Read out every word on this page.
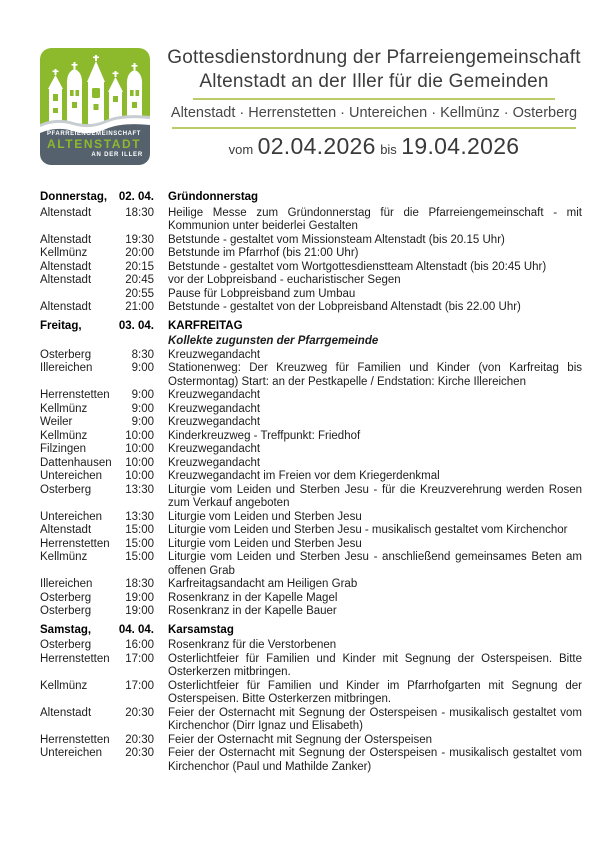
PFARREIENGEMEINSCHAFT
ALTENSTADT
AN DER ILLER
Gottesdienstordnung der Pfarreiengemeinschaft
Altenstadt an der Iller für die Gemeinden
Altenstadt · Herrenstetten · Untereichen · Kellmünz · Osterberg
vom 02.04.2026 bis 19.04.2026
Donnerstag,	02. 04. Gründonnerstag
Altenstadt	18:30 Heilige Messe zum Gründonnerstag für die Pfarreiengemeinschaft - mit Kommunion unter beiderlei Gestalten
Altenstadt	19:30 Betstunde - gestaltet vom Missionsteam Altenstadt (bis 20.15 Uhr)
Kellmünz	20:00 Betstunde im Pfarrhof (bis 21:00 Uhr)
Altenstadt	20:15 Betstunde - gestaltet vom Wortgottesdienstteam Altenstadt (bis 20:45 Uhr)
Altenstadt	20:45 vor der Lobpreisband - eucharistischer Segen
20:55 Pause für Lobpreisband zum Umbau
Altenstadt	21:00 Betstunde - gestaltet von der Lobpreisband Altenstadt (bis 22.00 Uhr)
Freitag,	03. 04. KARFREITAG
Kollekte zugunsten der Pfarrgemeinde
Osterberg	8:30 Kreuzwegandacht
Illereichen	9:00 Stationenweg: Der Kreuzweg für Familien und Kinder (von Karfreitag bis Ostermontag) Start: an der Pestkapelle / Endstation: Kirche Illereichen
Herrenstetten	9:00 Kreuzwegandacht
Kellmünz	9:00 Kreuzwegandacht
Weiler	9:00 Kreuzwegandacht
Kellmünz	10:00 Kinderkreuzweg - Treffpunkt: Friedhof
Filzingen	10:00 Kreuzwegandacht
Dattenhausen	10:00 Kreuzwegandacht
Untereichen	10:00 Kreuzwegandacht im Freien vor dem Kriegerdenkmal
Osterberg	13:30 Liturgie vom Leiden und Sterben Jesu - für die Kreuzverehrung werden Rosen zum Verkauf angeboten
Untereichen	13:30 Liturgie vom Leiden und Sterben Jesu
Altenstadt	15:00 Liturgie vom Leiden und Sterben Jesu - musikalisch gestaltet vom Kirchenchor
Herrenstetten	15:00 Liturgie vom Leiden und Sterben Jesu
Kellmünz	15:00 Liturgie vom Leiden und Sterben Jesu - anschließend gemeinsames Beten am offenen Grab
Illereichen	18:30 Karfreitagsandacht am Heiligen Grab
Osterberg	19:00 Rosenkranz in der Kapelle Magel
Osterberg	19:00 Rosenkranz in der Kapelle Bauer
Samstag,	04. 04. Karsamstag
Osterberg	16:00 Rosenkranz für die Verstorbenen
Herrenstetten	17:00 Osterlichtfeier für Familien und Kinder mit Segnung der Osterspeisen. Bitte Osterkerzen mitbringen.
Kellmünz	17:00 Osterlichtfeier für Familien und Kinder im Pfarrhofgarten mit Segnung der Osterspeisen. Bitte Osterkerzen mitbringen.
Altenstadt	20:30 Feier der Osternacht mit Segnung der Osterspeisen - musikalisch gestaltet vom Kirchenchor (Dirr Ignaz und Elisabeth)
Herrenstetten	20:30 Feier der Osternacht mit Segnung der Osterspeisen
Untereichen	20:30 Feier der Osternacht mit Segnung der Osterspeisen - musikalisch gestaltet vom Kirchenchor (Paul und Mathilde Zanker)
